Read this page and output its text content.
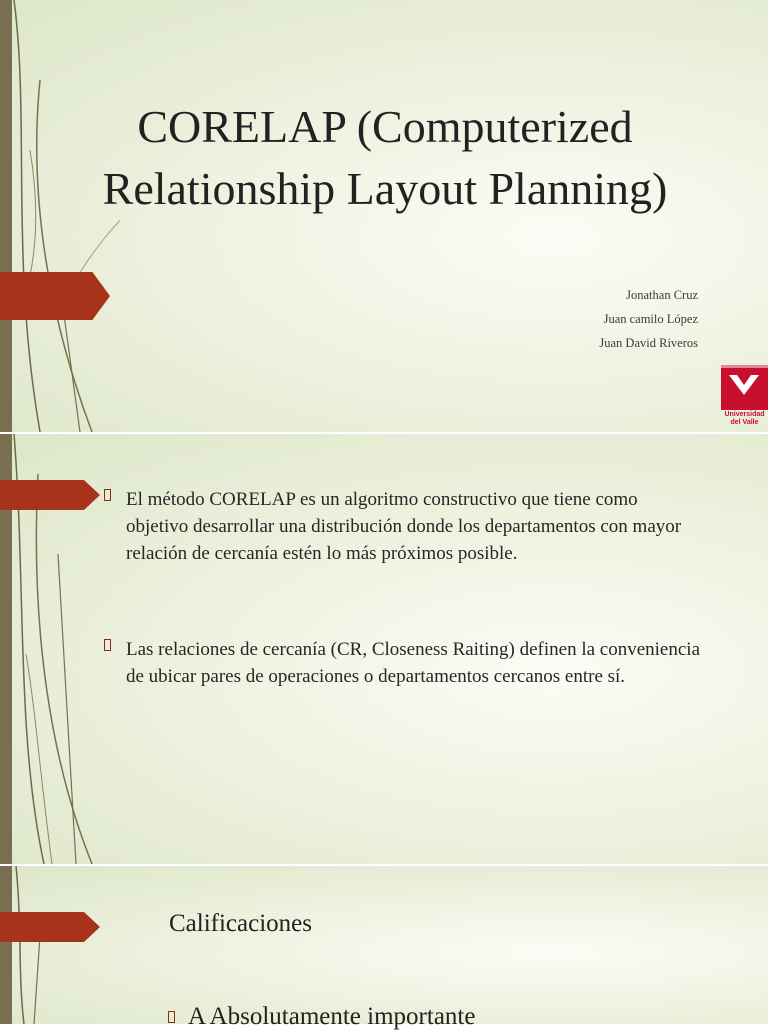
CORELAP (Computerized
Relationship Layout Planning)
Jonathan Cruz
Juan camilo López
Juan David Riveros
Universidad
del Valle
El método CORELAP es un algoritmo constructivo que tiene como objetivo desarrollar una distribución donde los departamentos con mayor relación de cercanía estén lo más próximos posible.
Las relaciones de cercanía (CR, Closeness Raiting) definen la conveniencia de ubicar pares de operaciones o departamentos cercanos entre sí.
Calificaciones
A Absolutamente importante
